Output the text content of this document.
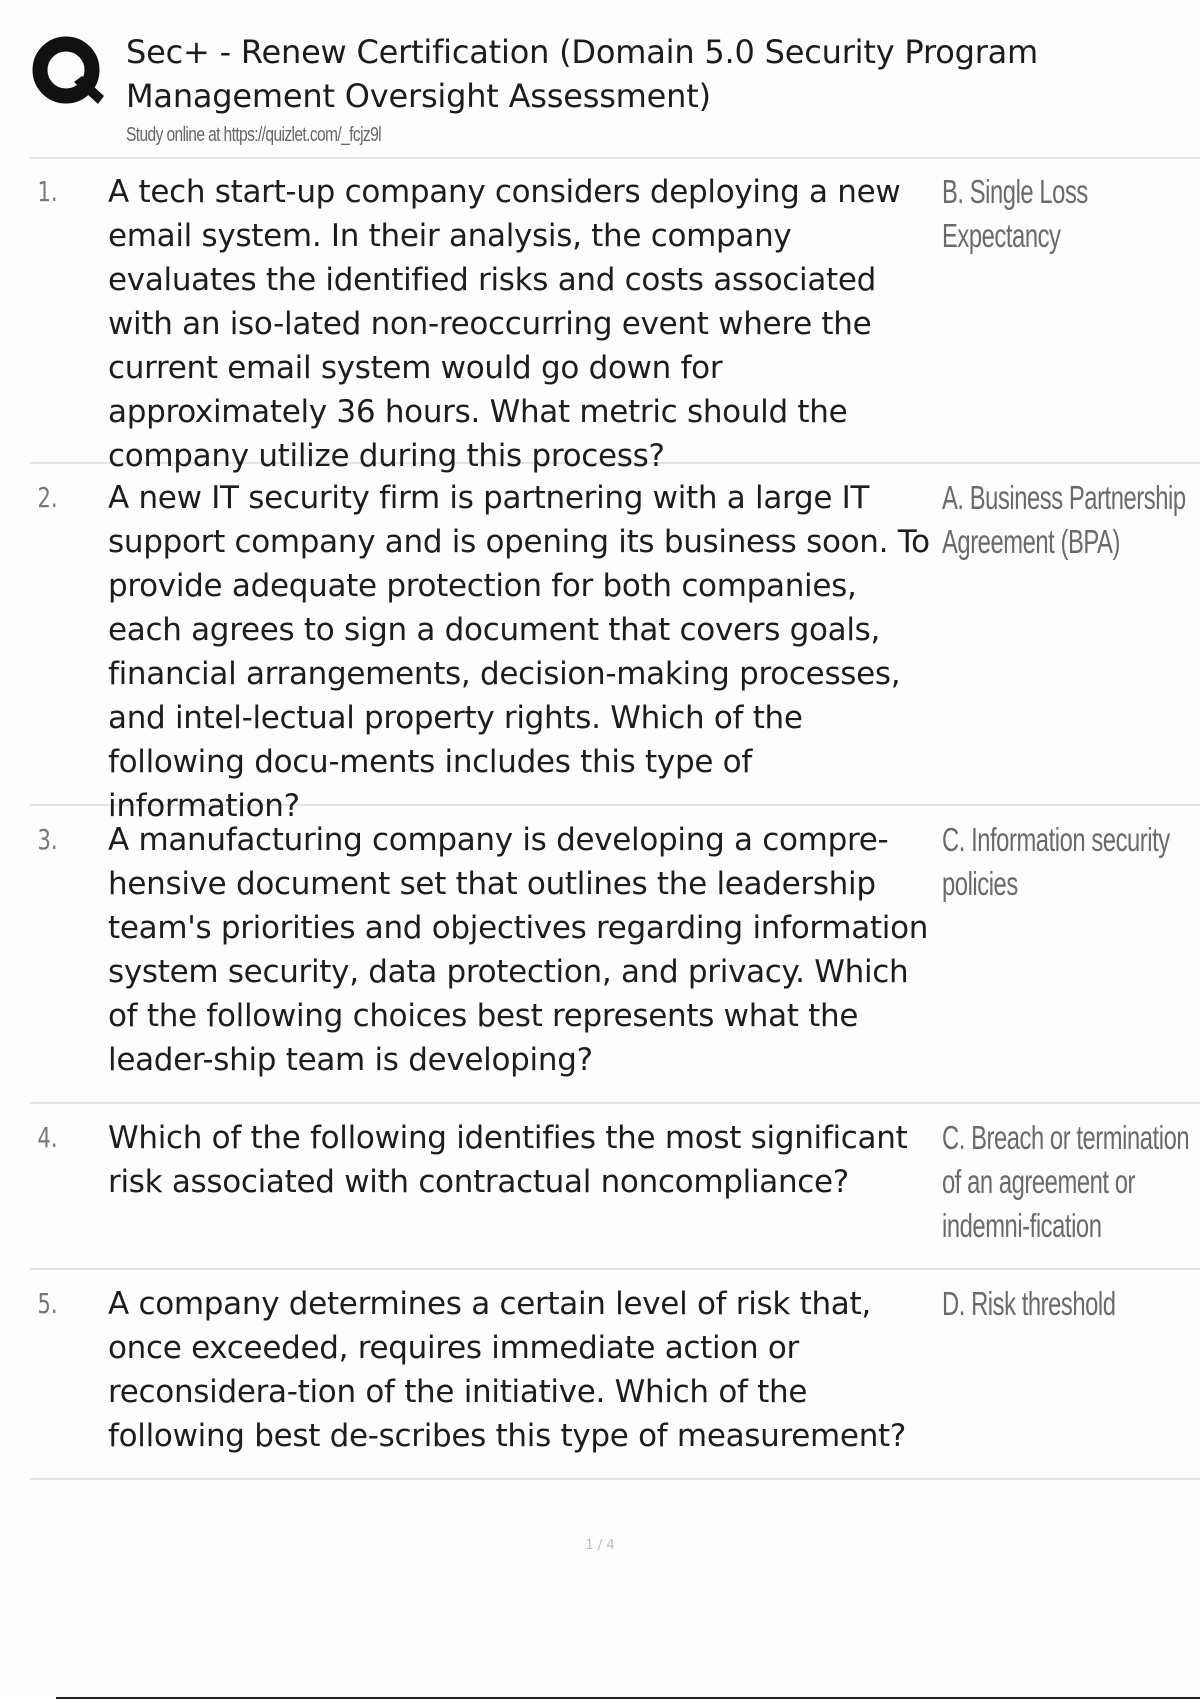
Sec+ - Renew Certification (Domain 5.0 Security Program Management Oversight Assessment)
Study online at https://quizlet.com/_fcjz9l
1.	A tech start-up company considers deploying a new email system. In their analysis, the company evaluates the identified risks and costs associated with an iso-lated non-reoccurring event where the current email system would go down for approximately 36 hours. What metric should the company utilize during this process?
B. Single Loss Expectancy
2.	A new IT security firm is partnering with a large IT support company and is opening its business soon. To provide adequate protection for both companies, each agrees to sign a document that covers goals, financial arrangements, decision-making processes, and intel-lectual property rights. Which of the following docu-ments includes this type of information?
A. Business Partnership Agreement (BPA)
3.	A manufacturing company is developing a compre-hensive document set that outlines the leadership team's priorities and objectives regarding information system security, data protection, and privacy. Which of the following choices best represents what the leader-ship team is developing?
C. Information security policies
4.	Which of the following identifies the most significant risk associated with contractual noncompliance?
C. Breach or termination of an agreement or indemni-fication
5.	A company determines a certain level of risk that, once exceeded, requires immediate action or reconsidera-tion of the initiative. Which of the following best de-scribes this type of measurement?
D. Risk threshold
1 / 4
